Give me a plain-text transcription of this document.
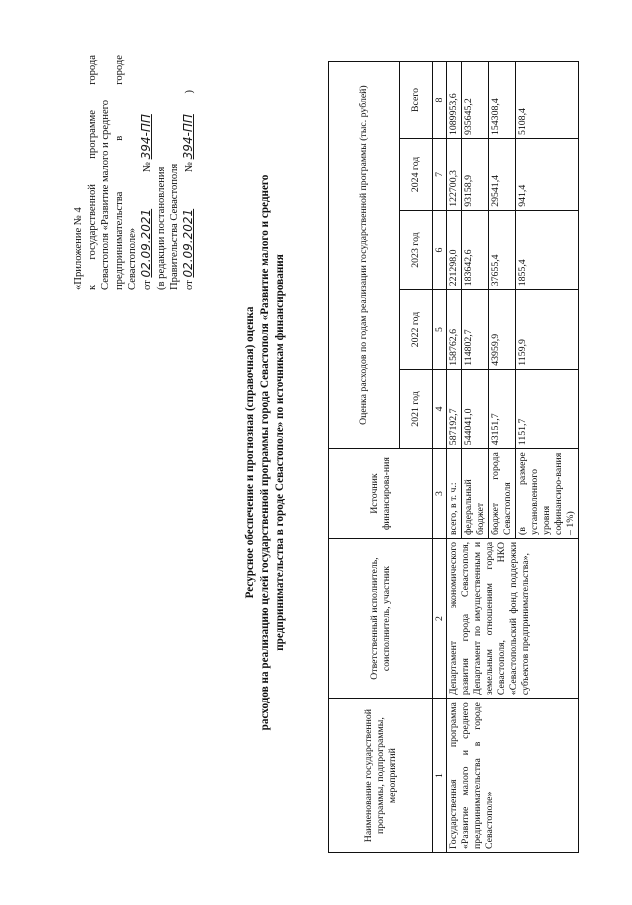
«Приложение № 4 к
государственной
программе
города
Севастополя «Развитие малого и среднего предпринимательства
в
городе
Севастополе» от 02.09.2021 № 394-ПП
(в редакции постановления Правительства Севастополя от 02.09.2021 № 394-ПП )
Ресурсное обеспечение и прогнозная (справочная) оценка расходов на реализацию целей государственной программы города Севастополя «Развитие малого и среднего предпринимательства в городе Севастополе» по источникам финансирования
Наименование государственной программы, подпрограммы, мероприятий	Ответственный исполнитель, соисполнитель, участник	Источник финансирова-ния	Оценка расходов по годам реализации государственной программы (тыс. рублей)				
			2021 год	2022 год	2023 год	2024 год	Всего
1	2	3	4	5	6	7	8
Государственная программа «Развитие малого и среднего предпринимательства в городе Севастополе»	Департамент экономического развития города Севастополя, Департамент по имущественным и земельным отношениям города Севастополя, НКО «Севастопольский фонд поддержки субъектов предпринимательства»,	всего, в т. ч.:	587192,7	158762,6	221298,0	122700,3	1089953,6
		федеральный бюджет	544041,0	114802,7	183642,6	93158,9	935645,2
		бюджет города Севастополя	43151,7	43959,9	37655,4	29541,4	154308,4
		(в размере установленного уровня софинансиро-вания – 1%)	1151,7	1159,9	1855,4	941,4	5108,4
